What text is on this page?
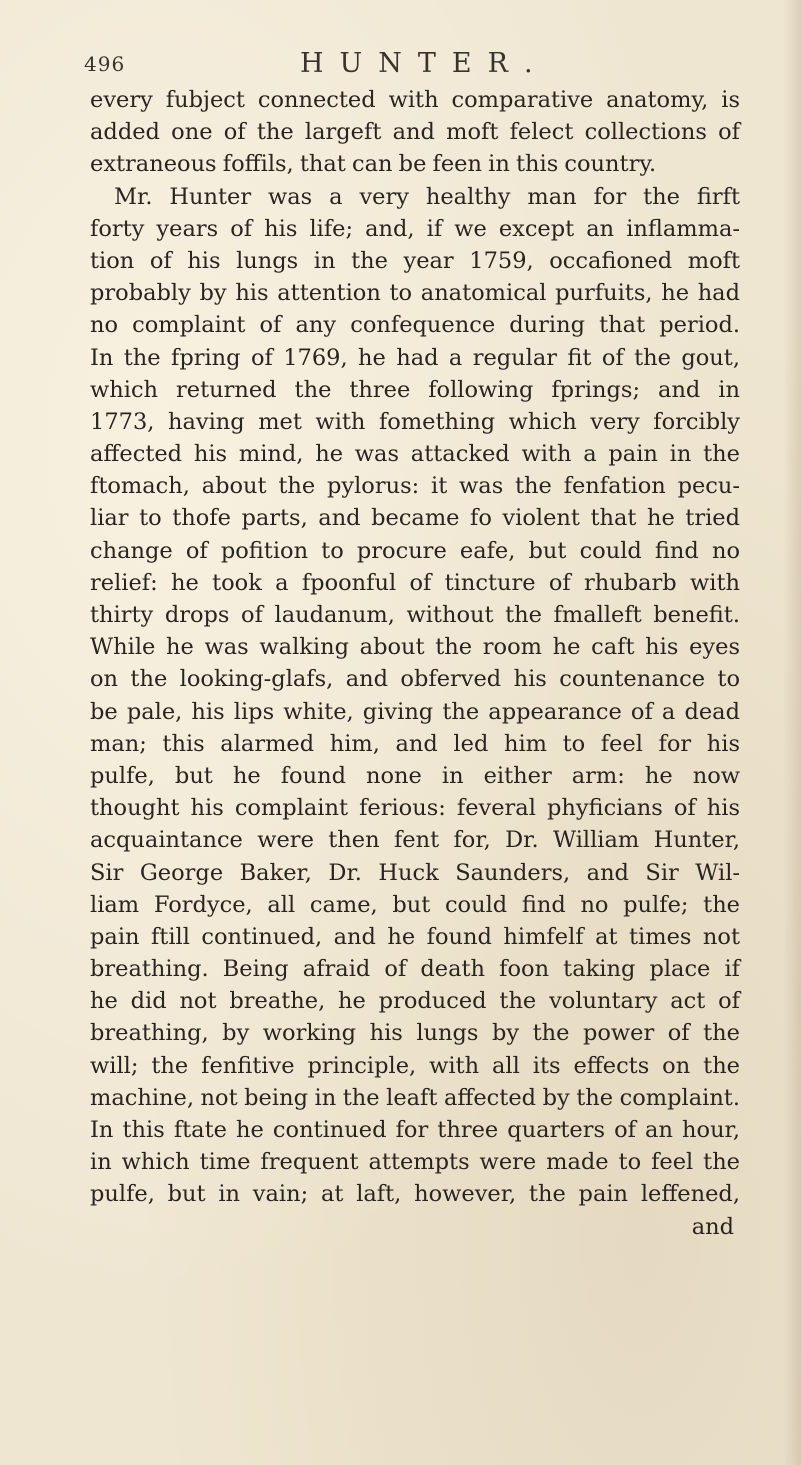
496	HUNTER.
every fubject connected with comparative anatomy, is
added one of the largeft and moft felect collections of
extraneous foffils, that can be feen in this country.
Mr. Hunter was a very healthy man for the firft
forty years of his life; and, if we except an inflamma-
tion of his lungs in the year 1759, occafioned moft
probably by his attention to anatomical purfuits, he had
no complaint of any confequence during that period.
In the fpring of 1769, he had a regular fit of the gout,
which returned the three following fprings; and in
1773, having met with fomething which very forcibly
affected his mind, he was attacked with a pain in the
ftomach, about the pylorus: it was the fenfation pecu-
liar to thofe parts, and became fo violent that he tried
change of pofition to procure eafe, but could find no
relief: he took a fpoonful of tincture of rhubarb with
thirty drops of laudanum, without the fmalleft benefit.
While he was walking about the room he caft his eyes
on the looking-glafs, and obferved his countenance to
be pale, his lips white, giving the appearance of a dead
man; this alarmed him, and led him to feel for his
pulfe, but he found none in either arm: he now
thought his complaint ferious: feveral phyficians of his
acquaintance were then fent for, Dr. William Hunter,
Sir George Baker, Dr. Huck Saunders, and Sir Wil-
liam Fordyce, all came, but could find no pulfe; the
pain ftill continued, and he found himfelf at times not
breathing. Being afraid of death foon taking place if
he did not breathe, he produced the voluntary act of
breathing, by working his lungs by the power of the
will; the fenfitive principle, with all its effects on the
machine, not being in the leaft affected by the complaint.
In this ftate he continued for three quarters of an hour,
in which time frequent attempts were made to feel the
pulfe, but in vain; at laft, however, the pain leffened,
and
